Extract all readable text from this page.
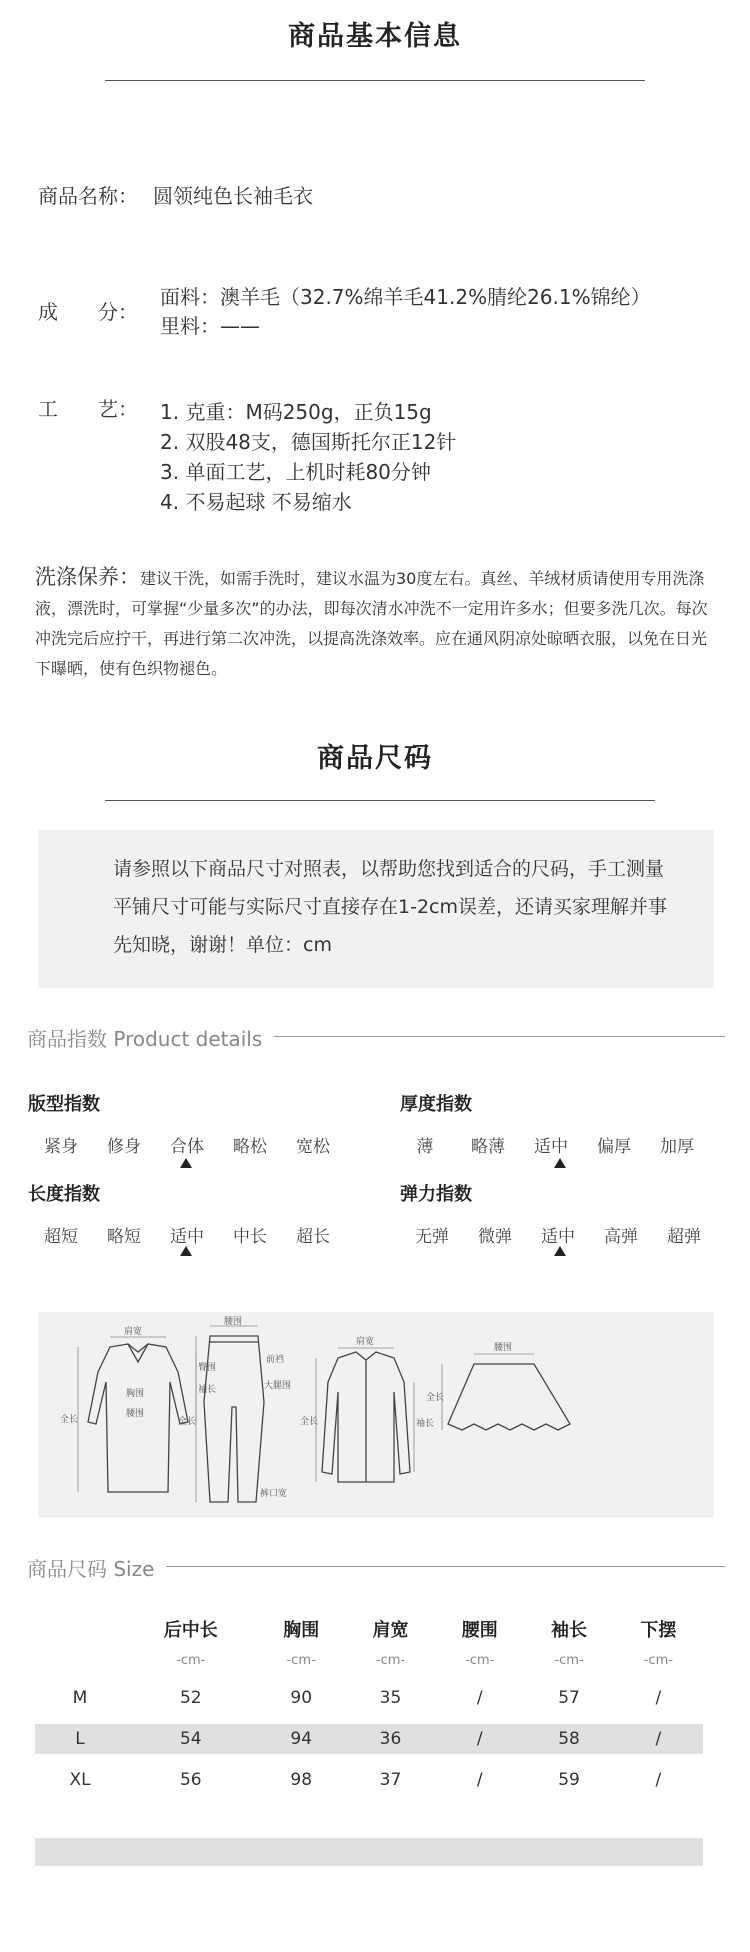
商品基本信息
商品名称： 圆领纯色长袖毛衣
成　　分：
面料：澳羊毛（32.7%绵羊毛41.2%腈纶26.1%锦纶）
里料：——
工　　艺： 1. 克重：M码250g，正负15g
2. 双股48支，德国斯托尔正12针
3. 单面工艺，上机时耗80分钟
4. 不易起球 不易缩水
洗涤保养：建议干洗，如需手洗时，建议水温为30度左右。真丝、羊绒材质请使用专用洗涤液，漂洗时，可掌握“少量多次”的办法，即每次清水冲洗不一定用许多水；但要多洗几次。每次冲洗完后应拧干，再进行第二次冲洗，以提高洗涤效率。应在通风阴凉处晾晒衣服，以免在日光下曝晒，使有色织物褪色。
商品尺码

请参照以下商品尺寸对照表，以帮助您找到适合的尺码，手工测量平铺尺寸可能与实际尺寸直接存在1-2cm误差，还请买家理解并事先知晓，谢谢！单位：cm

商品指数 Product details
版型指数
紧身	修身	合体	略松	宽松
厚度指数
薄	略薄	适中	偏厚	加厚
长度指数
超短	略短	适中	中长	超长
弹力指数
无弹	微弹	适中	高弹	超弹
肩宽
胸围
腰围
全长
袖长
腰围
臀围
前裆
大腿围
全长
裤口宽
肩宽
全长	袖长
腰围
全长
商品尺码 Size
	后中长	胸围	肩宽	腰围	袖长	下摆
	-cm-	-cm-	-cm-	-cm-	-cm-	-cm-
M	52	90	35	/	57	/
L	54	94	36	/	58	/
XL	56	98	37	/	59	/
